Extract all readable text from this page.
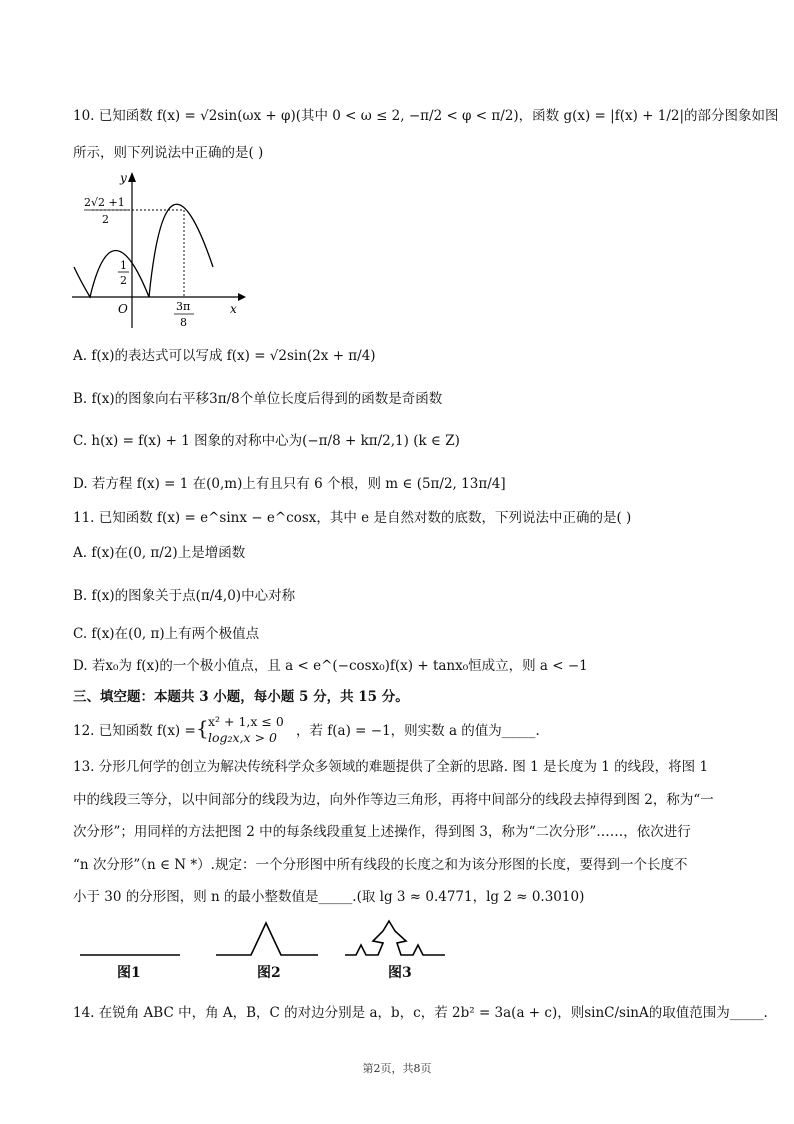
10. 已知函数 f(x) = √2sin(ωx + φ)(其中 0 < ω ≤ 2, −π/2 < φ < π/2)，函数 g(x) = |f(x) + 1/2|的部分图象如图
所示，则下列说法中正确的是( )
y
x
O
2√2 +1
2
1
2
3π
8
A. f(x)的表达式可以写成 f(x) = √2sin(2x + π/4)
B. f(x)的图象向右平移3π/8个单位长度后得到的函数是奇函数
C. h(x) = f(x) + 1 图象的对称中心为(−π/8 + kπ/2,1) (k ∈ Z)
D. 若方程 f(x) = 1 在(0,m)上有且只有 6 个根，则 m ∈ (5π/2, 13π/4]
11. 已知函数 f(x) = e^sinx − e^cosx，其中 e 是自然对数的底数，下列说法中正确的是( )
A. f(x)在(0, π/2)上是增函数
B. f(x)的图象关于点(π/4,0)中心对称
C. f(x)在(0, π)上有两个极值点
D. 若x₀为 f(x)的一个极小值点，且 a < e^(−cosx₀)f(x) + tanx₀恒成立，则 a < −1
三、填空题：本题共 3 小题，每小题 5 分，共 15 分。
12. 已知函数 f(x) = { x² + 1,x ≤ 0
log₂x,x > 0 ，若 f(a) = −1，则实数 a 的值为_____.
13. 分形几何学的创立为解决传统科学众多领域的难题提供了全新的思路. 图 1 是长度为 1 的线段，将图 1
中的线段三等分，以中间部分的线段为边，向外作等边三角形，再将中间部分的线段去掉得到图 2，称为“一
次分形”；用同样的方法把图 2 中的每条线段重复上述操作，得到图 3，称为“二次分形”……，依次进行
“n 次分形”（n ∈ N *）.规定：一个分形图中所有线段的长度之和为该分形图的长度，要得到一个长度不
小于 30 的分形图，则 n 的最小整数值是_____.(取 lg 3 ≈ 0.4771，lg 2 ≈ 0.3010)
图1	图2	图3
14. 在锐角 ABC 中，角 A，B，C 的对边分别是 a，b，c，若 2b² = 3a(a + c)，则sinC/sinA的取值范围为_____.
第2页，共8页
